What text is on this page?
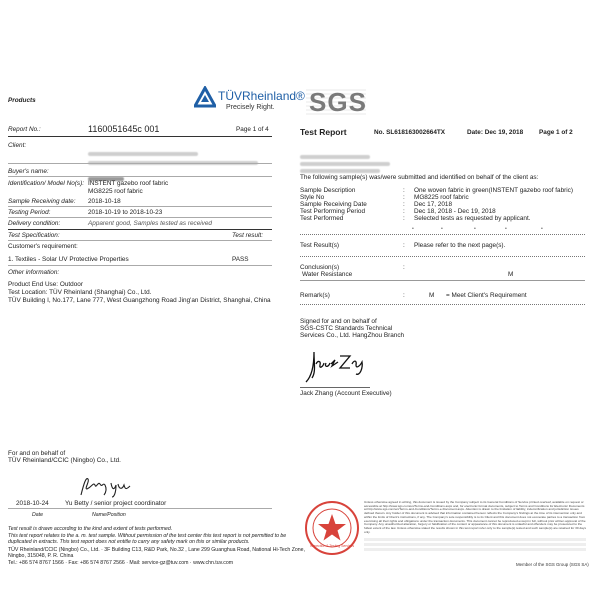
Products	TÜVRheinland®
Precisely Right.
Report No.:	1160051645c 001	Page 1 of 4
Client:
Buyer's name:
Identification/ Model No(s): INSTENT gazebo roof fabric
MG8225 roof fabric
Sample Receiving date: 2018-10-18
Testing Period:	2018-10-19 to 2018-10-23
Delivery condition:	Apparent good, Samples tested as received
Test Specification:	Test result:
Customer's requirement:
1. Textiles - Solar UV Protective Properties	PASS
Other information:
Product End Use: Outdoor
Test Location: TÜV Rheinland (Shanghai) Co., Ltd.
TÜV Building I, No.177, Lane 777, West Guangzhong Road Jing'an District, Shanghai, China
For and on behalf of
TÜV Rheinland/CCIC (Ningbo) Co., Ltd.
2018-10-24	Yu Betty / senior project coordinator
Date	Name/Position
Test result is drawn according to the kind and extent of tests performed.
This test report relates to the a. m. test sample. Without permission of the test center this test report is not permitted to be
duplicated in extracts. This test report does not entitle to carry any safety mark on this or similar products.
TÜV Rheinland/CCIC (Ningbo) Co., Ltd. · 3F Building C13, R&D Park, No.32 , Lane 299 Guanghua Road, National Hi-Tech Zone,
Ningbo, 315048, P. R. China
Tel.: +86 574 8767 1566 · Fax: +86 574 8767 2566 · Mail: service-gz@tuv.com · www.chn.tuv.com
SGS
Test Report	No. SL618163002664TX	Date: Dec 19, 2018 Page 1 of 2
The following sample(s) was/were submitted and identified on behalf of the client as:
Sample Description	: One woven fabric in green(INSTENT gazebo roof fabric)
Style No	: MG8225 roof fabric
Sample Receiving Date	: Dec 17, 2018
Test Performing Period	: Dec 18, 2018 - Dec 19, 2018
Test Performed	: Selected tests as requested by applicant.
•	•	•	•	•
Test Result(s)	: Please refer to the next page(s).
Conclusion(s)	:
Water Resistance	M
Remark(s)	:	M = Meet Client's Requirement
Signed for and on behalf of
SGS-CSTC Standards Technical
Services Co., Ltd. HangZhou Branch
Jack Zhang (Account Executive)
Inspection & Testing Services
Unless otherwise agreed in writing, this document is issued by the Company subject to its General Conditions of Service printed overleaf, available on request or accessible at http://www.sgs.com/en/Terms-and-Conditions.aspx and, for electronic format documents, subject to Terms and Conditions for Electronic Documents at http://www.sgs.com/en/Terms-and-Conditions/Terms-e-Document.aspx. Attention is drawn to the limitation of liability, indemnification and jurisdiction issues defined therein. Any holder of this document is advised that information contained hereon reflects the Company's findings at the time of its intervention only and within the limits of Client's instructions, if any. The Company's sole responsibility is to its Client and this document does not exonerate parties to a transaction from exercising all their rights and obligations under the transaction documents. This document cannot be reproduced except in full, without prior written approval of the Company. Any unauthorized alteration, forgery or falsification of the content or appearance of this document is unlawful and offenders may be prosecuted to the fullest extent of the law. Unless otherwise stated the results shown in this test report refer only to the sample(s) tested and such sample(s) are retained for 30 days only.
Member of the SGS Group (SGS SA)
